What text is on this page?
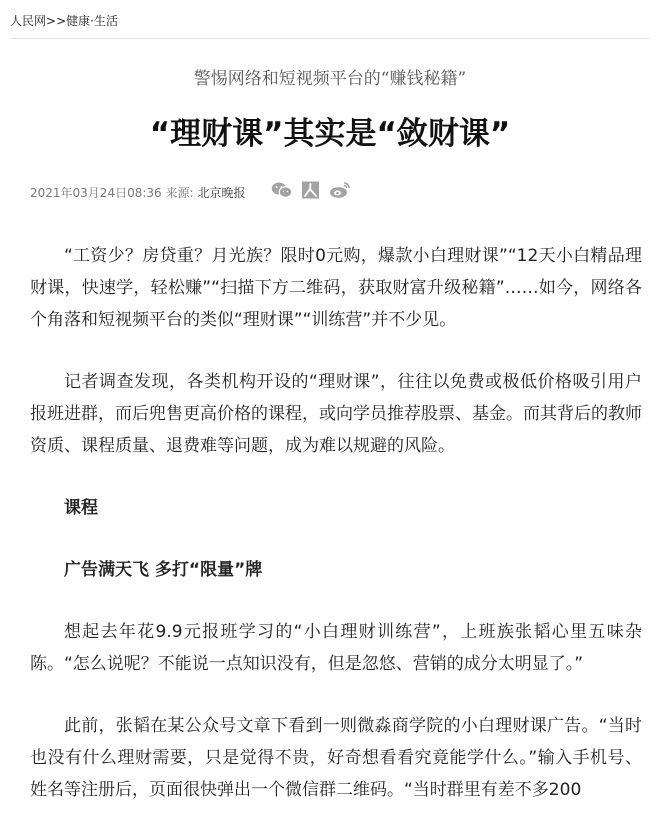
人民网>>健康·生活
警惕网络和短视频平台的“赚钱秘籍”
“理财课”其实是“敛财课”
2021年03月24日08:36
来源: 北京晚报

“工资少？房贷重？月光族？限时0元购，爆款小白理财课”“12天小白精品理财课，快速学，轻松赚”“扫描下方二维码，获取财富升级秘籍”……如今，网络各个角落和短视频平台的类似“理财课”“训练营”并不少见。

记者调查发现，各类机构开设的“理财课”，往往以免费或极低价格吸引用户报班进群，而后兜售更高价格的课程，或向学员推荐股票、基金。而其背后的教师资质、课程质量、退费难等问题，成为难以规避的风险。

课程

广告满天飞 多打“限量”牌

想起去年花9.9元报班学习的“小白理财训练营”，上班族张韬心里五味杂陈。“怎么说呢？不能说一点知识没有，但是忽悠、营销的成分太明显了。”

此前，张韬在某公众号文章下看到一则微淼商学院的小白理财课广告。“当时也没有什么理财需要，只是觉得不贵，好奇想看看究竟能学什么。”输入手机号、姓名等注册后，页面很快弹出一个微信群二维码。“当时群里有差不多200
